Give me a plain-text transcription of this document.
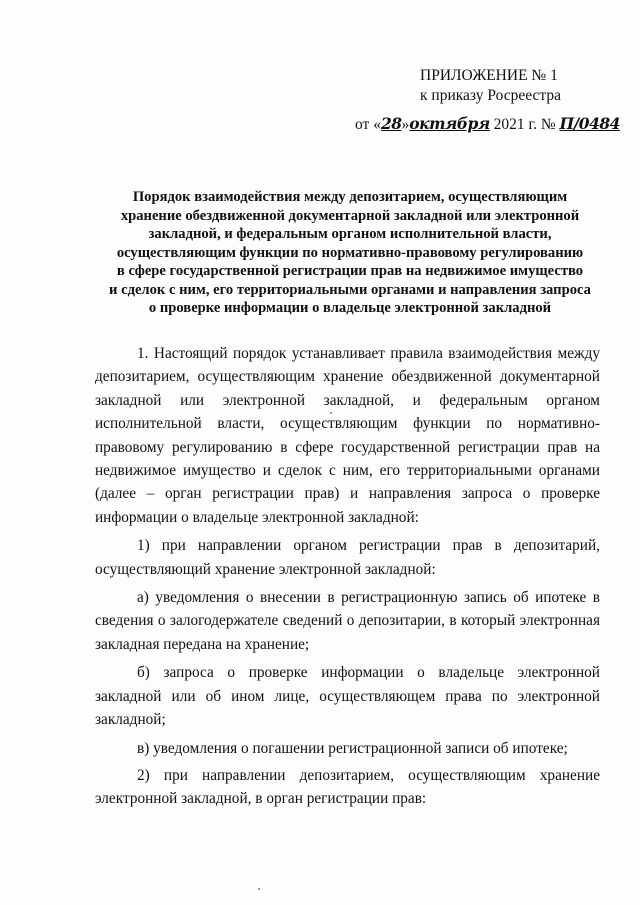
ПРИЛОЖЕНИЕ № 1
к приказу Росреестра
от «28»октября 2021 г. № П/0484
Порядок взаимодействия между депозитарием, осуществляющим
хранение обездвиженной документарной закладной или электронной
закладной, и федеральным органом исполнительной власти,
осуществляющим функции по нормативно-правовому регулированию
в сфере государственной регистрации прав на недвижимое имущество
и сделок с ним, его территориальными органами и направления запроса
о проверке информации о владельце электронной закладной

1. Настоящий порядок устанавливает правила взаимодействия между депозитарием, осуществляющим хранение обездвиженной документарной закладной или электронной закладной, и федеральным органом исполнительной власти, осуществляющим функции по нормативно-правовому регулированию в сфере государственной регистрации прав на недвижимое имущество и сделок с ним, его территориальными органами (далее – орган регистрации прав) и направления запроса о проверке информации о владельце электронной закладной:

1) при направлении органом регистрации прав в депозитарий, осуществляющий хранение электронной закладной:

а) уведомления о внесении в регистрационную запись об ипотеке в сведения о залогодержателе сведений о депозитарии, в который электронная закладная передана на хранение;

б) запроса о проверке информации о владельце электронной закладной или об ином лице, осуществляющем права по электронной закладной;

в) уведомления о погашении регистрационной записи об ипотеке;

2) при направлении депозитарием, осуществляющим хранение электронной закладной, в орган регистрации прав:
